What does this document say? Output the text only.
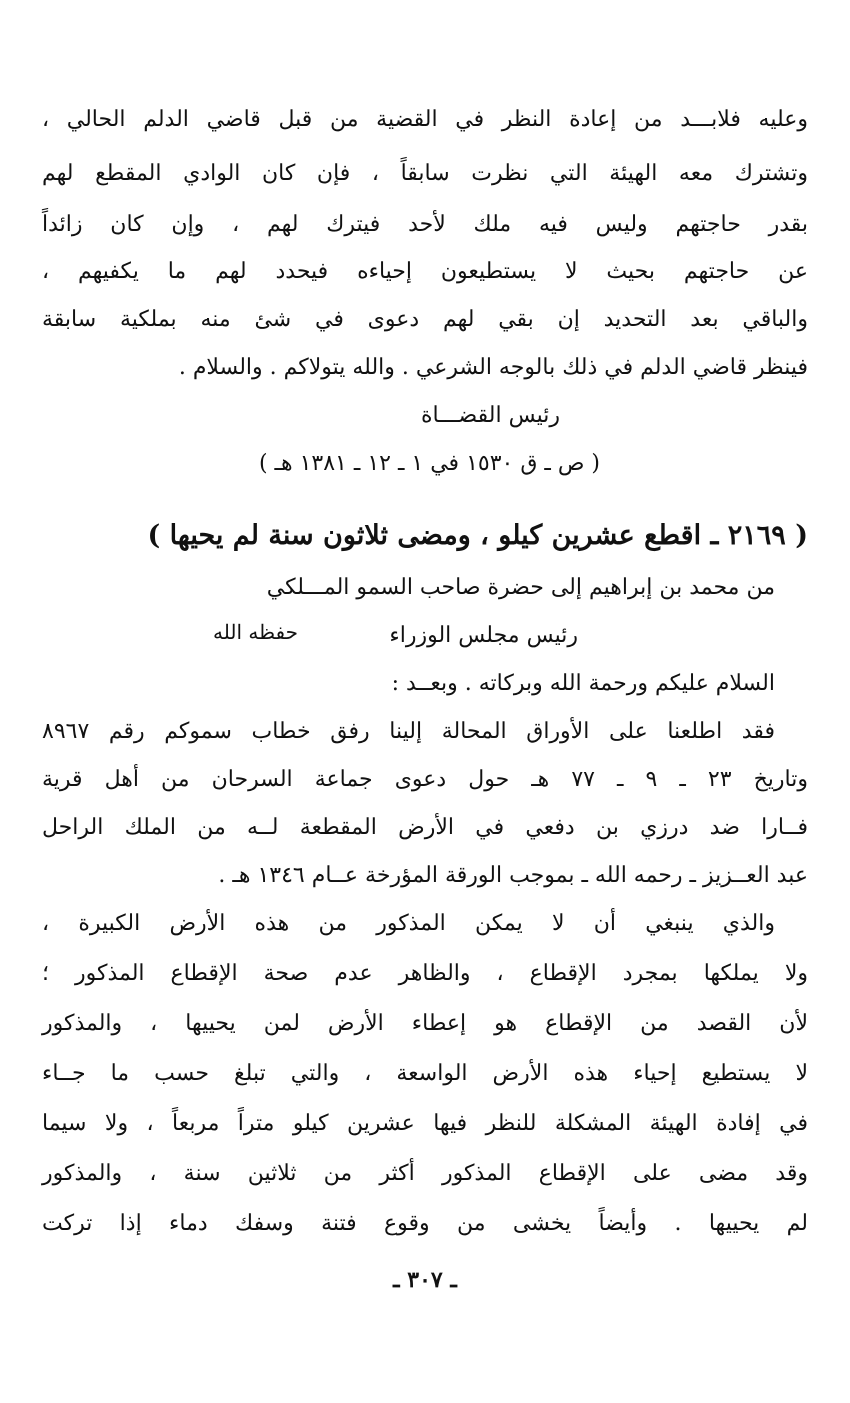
وعليه فلابـــد من إعادة النظر في القضية من قبل قاضي الدلم الحالي ،
وتشترك معه الهيئة التي نظرت سابقاً ، فإن كان الوادي المقطع لهم
بقدر حاجتهم وليس فيه ملك لأحد فيترك لهم ، وإن كان زائداً
عن حاجتهم بحيث لا يستطيعون إحياءه فيحدد لهم ما يكفيهم ،
والباقي بعد التحديد إن بقي لهم دعوى في شئ منه بملكية سابقة
فينظر قاضي الدلم في ذلك بالوجه الشرعي . والله يتولاكم . والسلام .
رئيس القضـــاة
( ص ـ ق ١٥٣٠ في ١ ـ ١٢ ـ ١٣٨١ هـ )
( ٢١٦٩ ـ اقطع عشرين كيلو ، ومضى ثلاثون سنة لم يحيها )
من محمد بن إبراهيم إلى حضرة صاحب السمو المـــلكي
رئيس مجلس الوزراء
حفظه الله
السلام عليكم ورحمة الله وبركاته . وبعــد :
فقد اطلعنا على الأوراق المحالة إلينا رفق خطاب سموكم رقم ٨٩٦٧
وتاريخ ٢٣ ـ ٩ ـ ٧٧ هـ حول دعوى جماعة السرحان من أهل قرية
فــارا ضد درزي بن دفعي في الأرض المقطعة لــه من الملك الراحل
عبد العــزيز ـ رحمه الله ـ بموجب الورقة المؤرخة عــام ١٣٤٦ هـ .
والذي ينبغي أن لا يمكن المذكور من هذه الأرض الكبيرة ،
ولا يملكها بمجرد الإقطاع ، والظاهر عدم صحة الإقطاع المذكور ؛
لأن القصد من الإقطاع هو إعطاء الأرض لمن يحييها ، والمذكور
لا يستطيع إحياء هذه الأرض الواسعة ، والتي تبلغ حسب ما جــاء
في إفادة الهيئة المشكلة للنظر فيها عشرين كيلو متراً مربعاً ، ولا سيما
وقد مضى على الإقطاع المذكور أكثر من ثلاثين سنة ، والمذكور
لم يحييها . وأيضاً يخشى من وقوع فتنة وسفك دماء إذا تركت
ـ ٣٠٧ ـ
